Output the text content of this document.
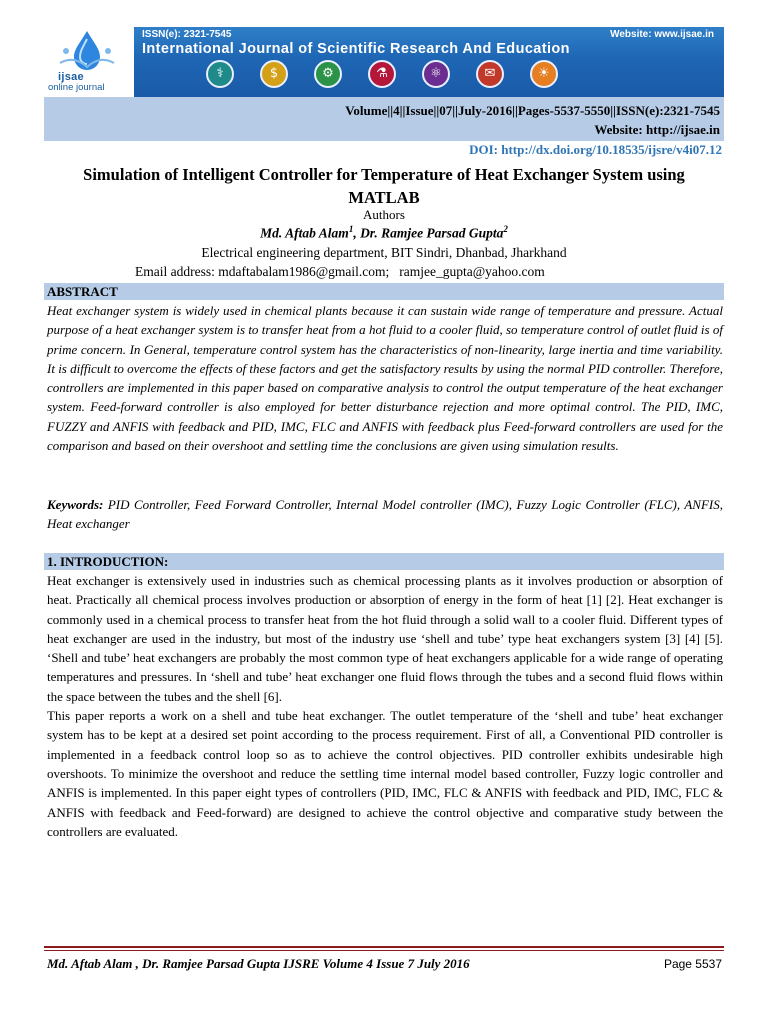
ijsae
online journal
ISSN(e): 2321-7545	Website: www.ijsae.in
International Journal of Scientific Research And Education
⚕	$	⚙	⚗	⚛	✉	☀
Volume||4||Issue||07||July-2016||Pages-5537-5550||ISSN(e):2321-7545
Website: http://ijsae.in
DOI: http://dx.doi.org/10.18535/ijsre/v4i07.12
Simulation of Intelligent Controller for Temperature of Heat Exchanger System using
MATLAB
Authors
Md. Aftab Alam$^1$, Dr. Ramjee Parsad Gupta$^2$
Electrical engineering department, BIT Sindri, Dhanbad, Jharkhand
Email address: mdaftabalam1986@gmail.com; ramjee_gupta@yahoo.com
ABSTRACT
Heat exchanger system is widely used in chemical plants because it can sustain wide range of temperature and pressure. Actual purpose of a heat exchanger system is to transfer heat from a hot fluid to a cooler fluid, so temperature control of outlet fluid is of prime concern. In General, temperature control system has the characteristics of non-linearity, large inertia and time variability. It is difficult to overcome the effects of these factors and get the satisfactory results by using the normal PID controller. Therefore, controllers are implemented in this paper based on comparative analysis to control the output temperature of the heat exchanger system. Feed-forward controller is also employed for better disturbance rejection and more optimal control. The PID, IMC, FUZZY and ANFIS with feedback and PID, IMC, FLC and ANFIS with feedback plus Feed-forward controllers are used for the comparison and based on their overshoot and settling time the conclusions are given using simulation results.
Keywords: PID Controller, Feed Forward Controller, Internal Model controller (IMC), Fuzzy Logic Controller (FLC), ANFIS, Heat exchanger
1. INTRODUCTION:

Heat exchanger is extensively used in industries such as chemical processing plants as it involves production or absorption of heat. Practically all chemical process involves production or absorption of energy in the form of heat [1] [2]. Heat exchanger is commonly used in a chemical process to transfer heat from the hot fluid through a solid wall to a cooler fluid. Different types of heat exchanger are used in the industry, but most of the industry use ‘shell and tube’ type heat exchangers system [3] [4] [5]. ‘Shell and tube’ heat exchangers are probably the most common type of heat exchangers applicable for a wide range of operating temperatures and pressures. In ‘shell and tube’ heat exchanger one fluid flows through the tubes and a second fluid flows within the space between the tubes and the shell [6].

This paper reports a work on a shell and tube heat exchanger. The outlet temperature of the ‘shell and tube’ heat exchanger system has to be kept at a desired set point according to the process requirement. First of all, a Conventional PID controller is implemented in a feedback control loop so as to achieve the control objectives. PID controller exhibits undesirable high overshoots. To minimize the overshoot and reduce the settling time internal model based controller, Fuzzy logic controller and ANFIS is implemented. In this paper eight types of controllers (PID, IMC, FLC & ANFIS with feedback and PID, IMC, FLC & ANFIS with feedback and Feed-forward) are designed to achieve the control objective and comparative study between the controllers are evaluated.

Md. Aftab Alam , Dr. Ramjee Parsad Gupta IJSRE Volume 4 Issue 7 July 2016	Page 5537
